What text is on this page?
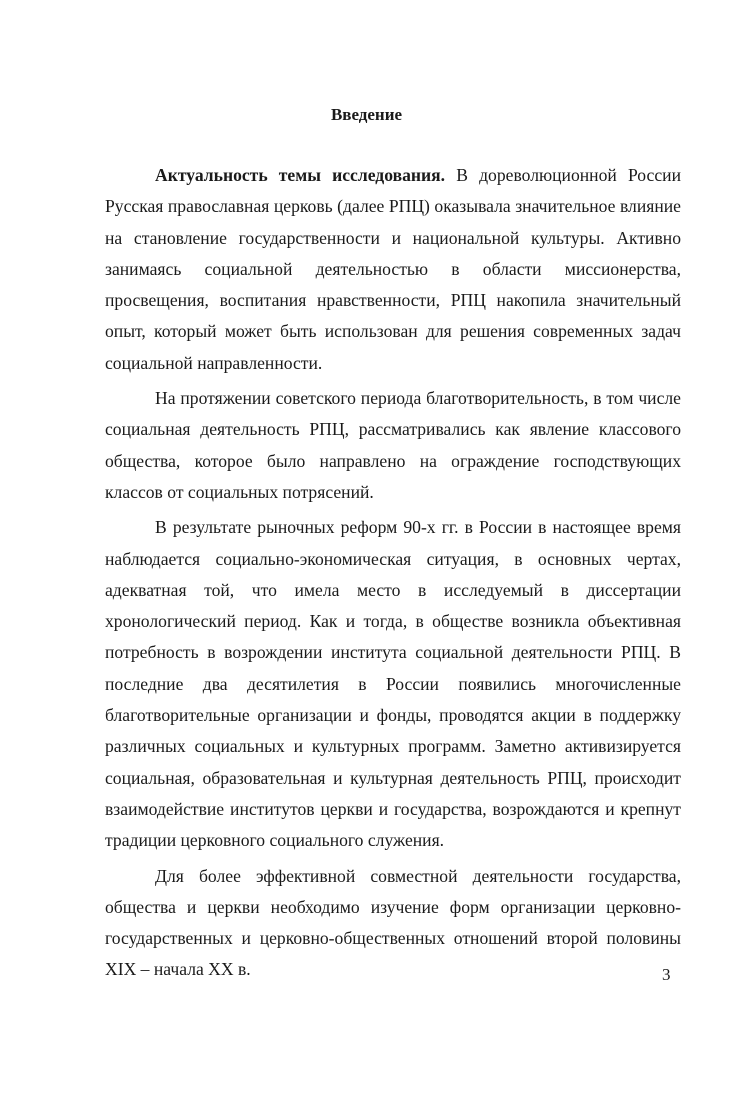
Введение

Актуальность темы исследования. В дореволюционной России Русская православная церковь (далее РПЦ) оказывала значительное влияние на становление государственности и национальной культуры. Активно занимаясь социальной деятельностью в области миссионерства, просвещения, воспитания нравственности, РПЦ накопила значительный опыт, который может быть использован для решения современных задач социальной направленности.

На протяжении советского периода благотворительность, в том числе социальная деятельность РПЦ, рассматривались как явление классового общества, которое было направлено на ограждение господствующих классов от социальных потрясений.

В результате рыночных реформ 90-х гг. в России в настоящее время наблюдается социально-экономическая ситуация, в основных чертах, адекватная той, что имела место в исследуемый в диссертации хронологический период. Как и тогда, в обществе возникла объективная потребность в возрождении института социальной деятельности РПЦ. В последние два десятилетия в России появились многочисленные благотворительные организации и фонды, проводятся акции в поддержку различных социальных и культурных программ. Заметно активизируется социальная, образовательная и культурная деятельность РПЦ, происходит взаимодействие институтов церкви и государства, возрождаются и крепнут традиции церковного социального служения.

Для более эффективной совместной деятельности государства, общества и церкви необходимо изучение форм организации церковно-государственных и церковно-общественных отношений второй половины XIX – начала XX в.	3
